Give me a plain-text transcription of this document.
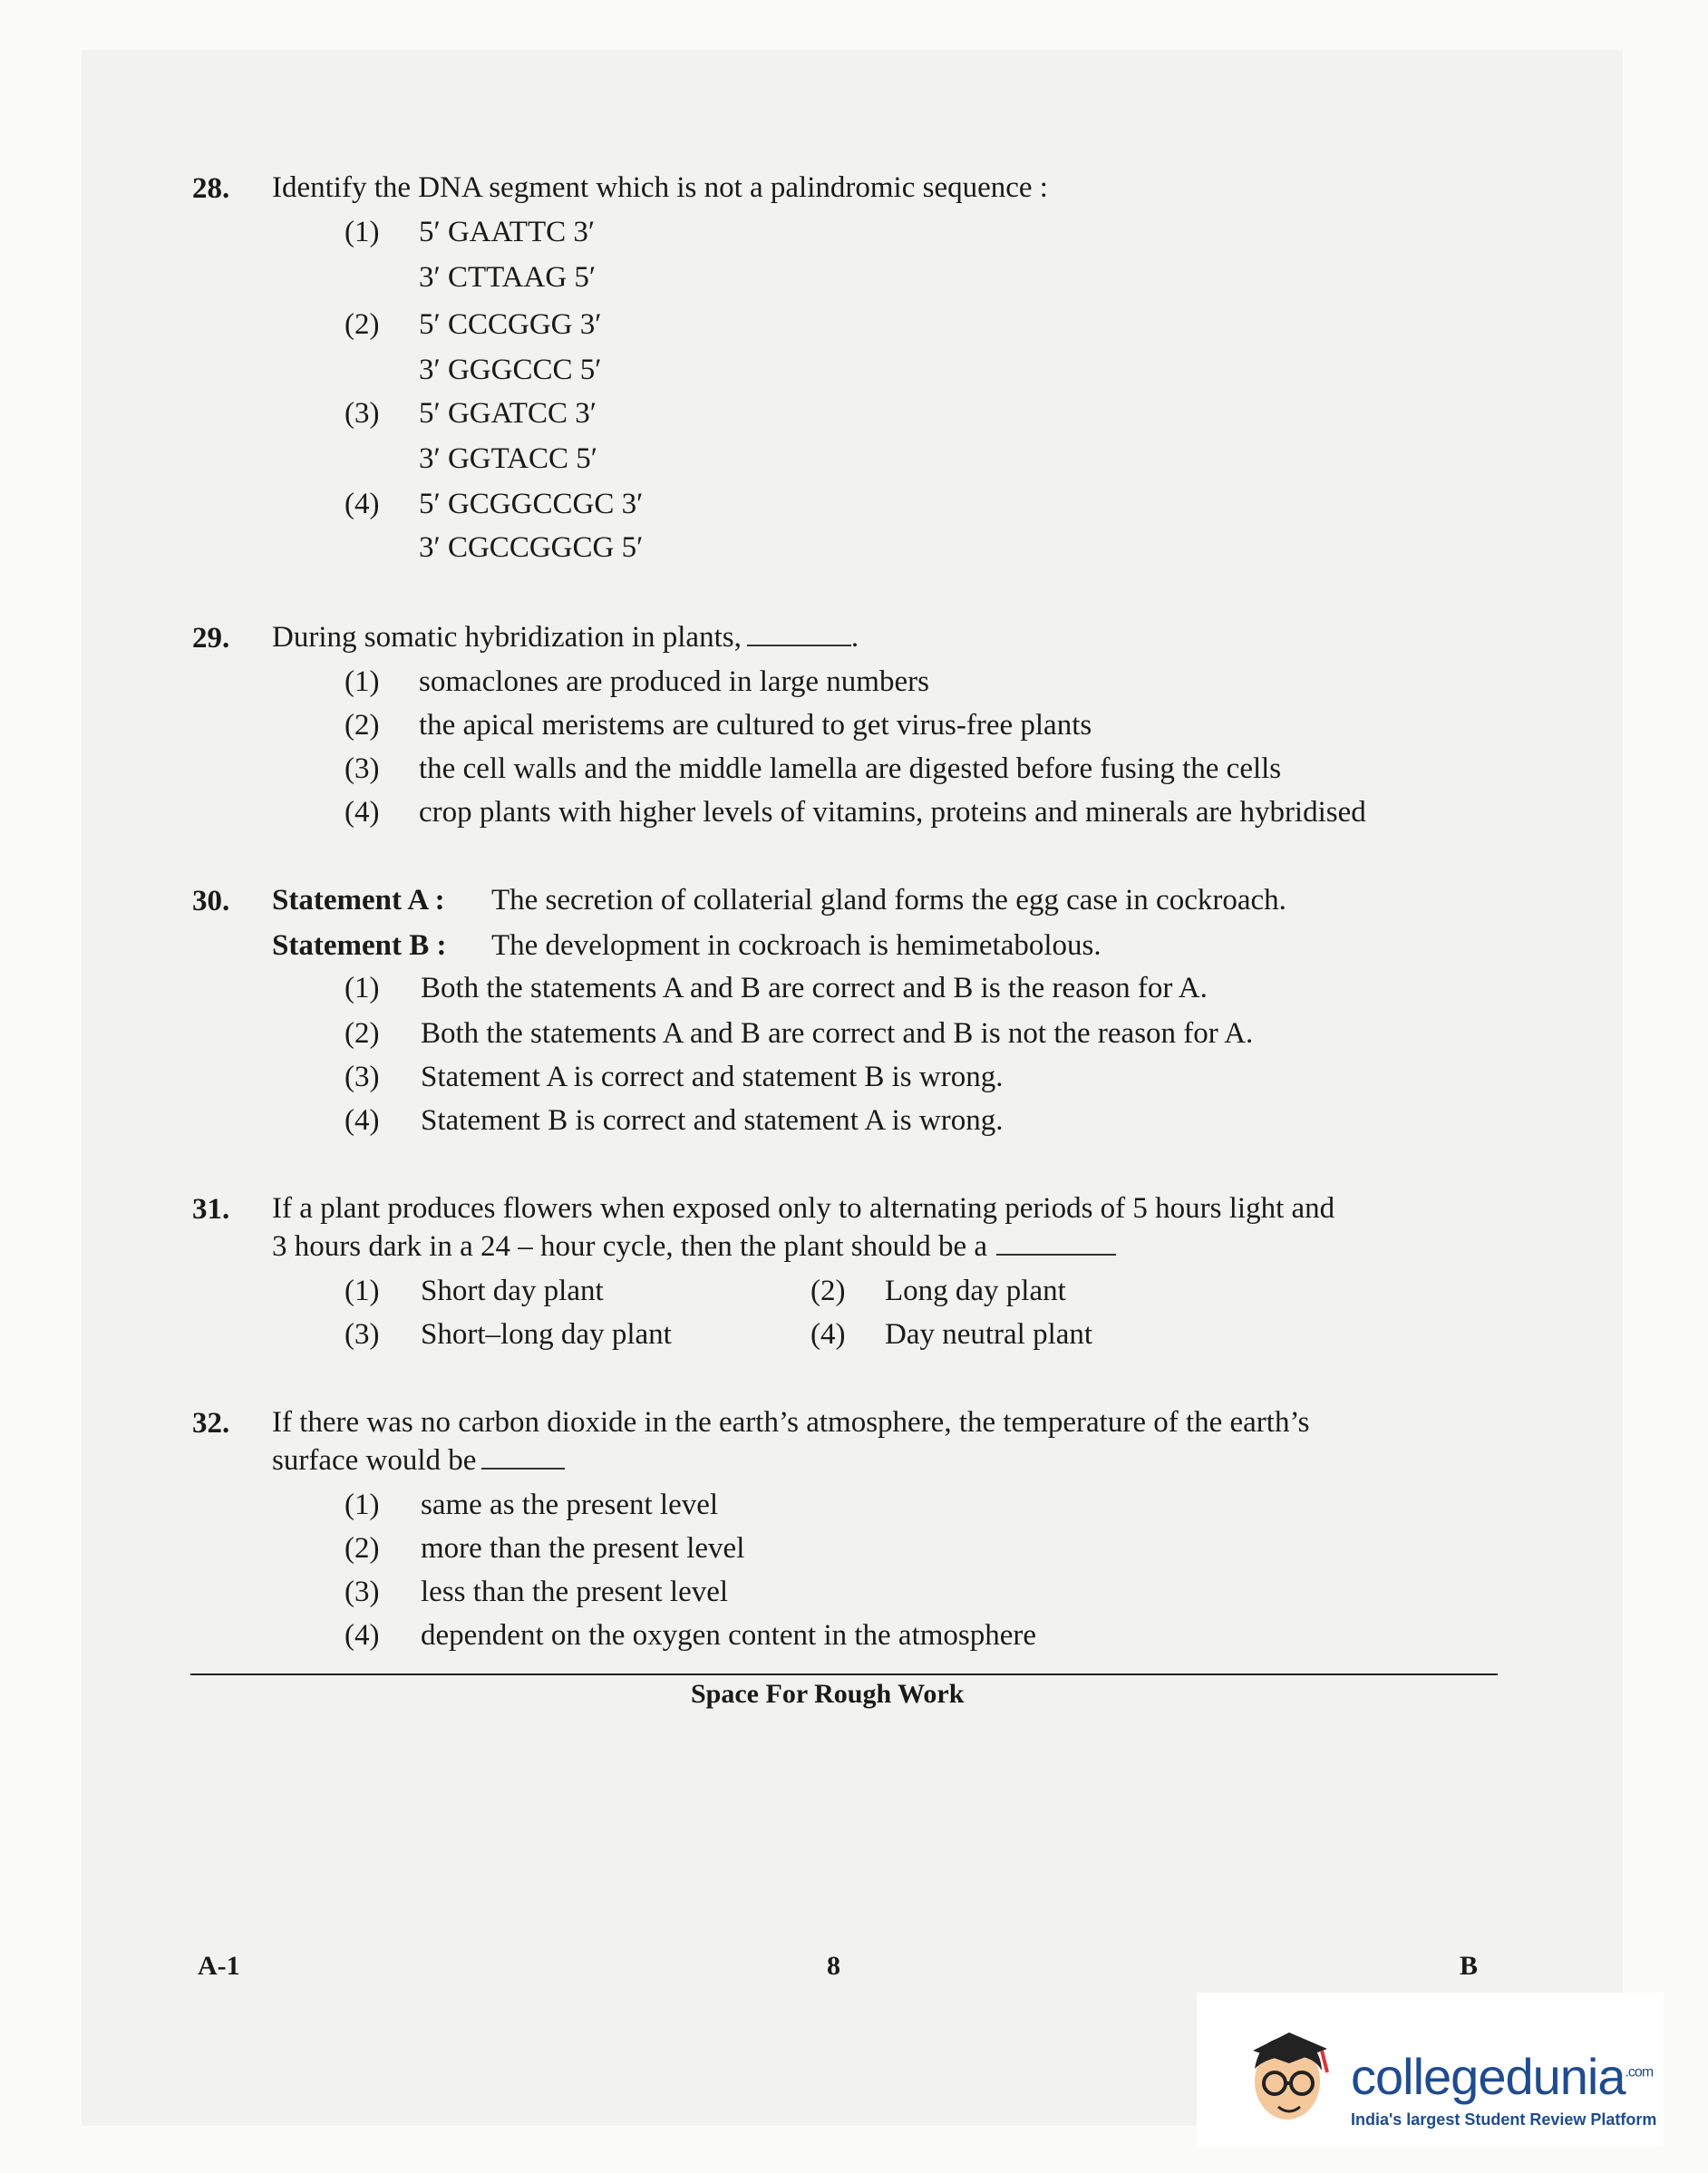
28. Identify the DNA segment which is not a palindromic sequence :
(1) 5′ GAATTC 3′
3′ CTTAAG 5′
(2) 5′ CCCGGG 3′
3′ GGGCCC 5′
(3) 5′ GGATCC 3′
3′ GGTACC 5′
(4) 5′ GCGGCCGC 3′
3′ CGCCGGCG 5′
29. During somatic hybridization in plants,	.
(1) somaclones are produced in large numbers
(2) the apical meristems are cultured to get virus-free plants
(3) the cell walls and the middle lamella are digested before fusing the cells
(4) crop plants with higher levels of vitamins, proteins and minerals are hybridised
30. Statement A : The secretion of collaterial gland forms the egg case in cockroach.
Statement B : The development in cockroach is hemimetabolous.
(1) Both the statements A and B are correct and B is the reason for A.
(2) Both the statements A and B are correct and B is not the reason for A.
(3) Statement A is correct and statement B is wrong.
(4) Statement B is correct and statement A is wrong.
31. If a plant produces flowers when exposed only to alternating periods of 5 hours light and
3 hours dark in a 24 – hour cycle, then the plant should be a
(1) Short day plant	(2) Long day plant
(3) Short–long day plant	(4) Day neutral plant
32. If there was no carbon dioxide in the earth’s atmosphere, the temperature of the earth’s
surface would be
(1) same as the present level
(2) more than the present level
(3) less than the present level
(4) dependent on the oxygen content in the atmosphere
Space For Rough Work
A-1	8	B
collegedunia$^{.com}$
India's largest Student Review Platform
